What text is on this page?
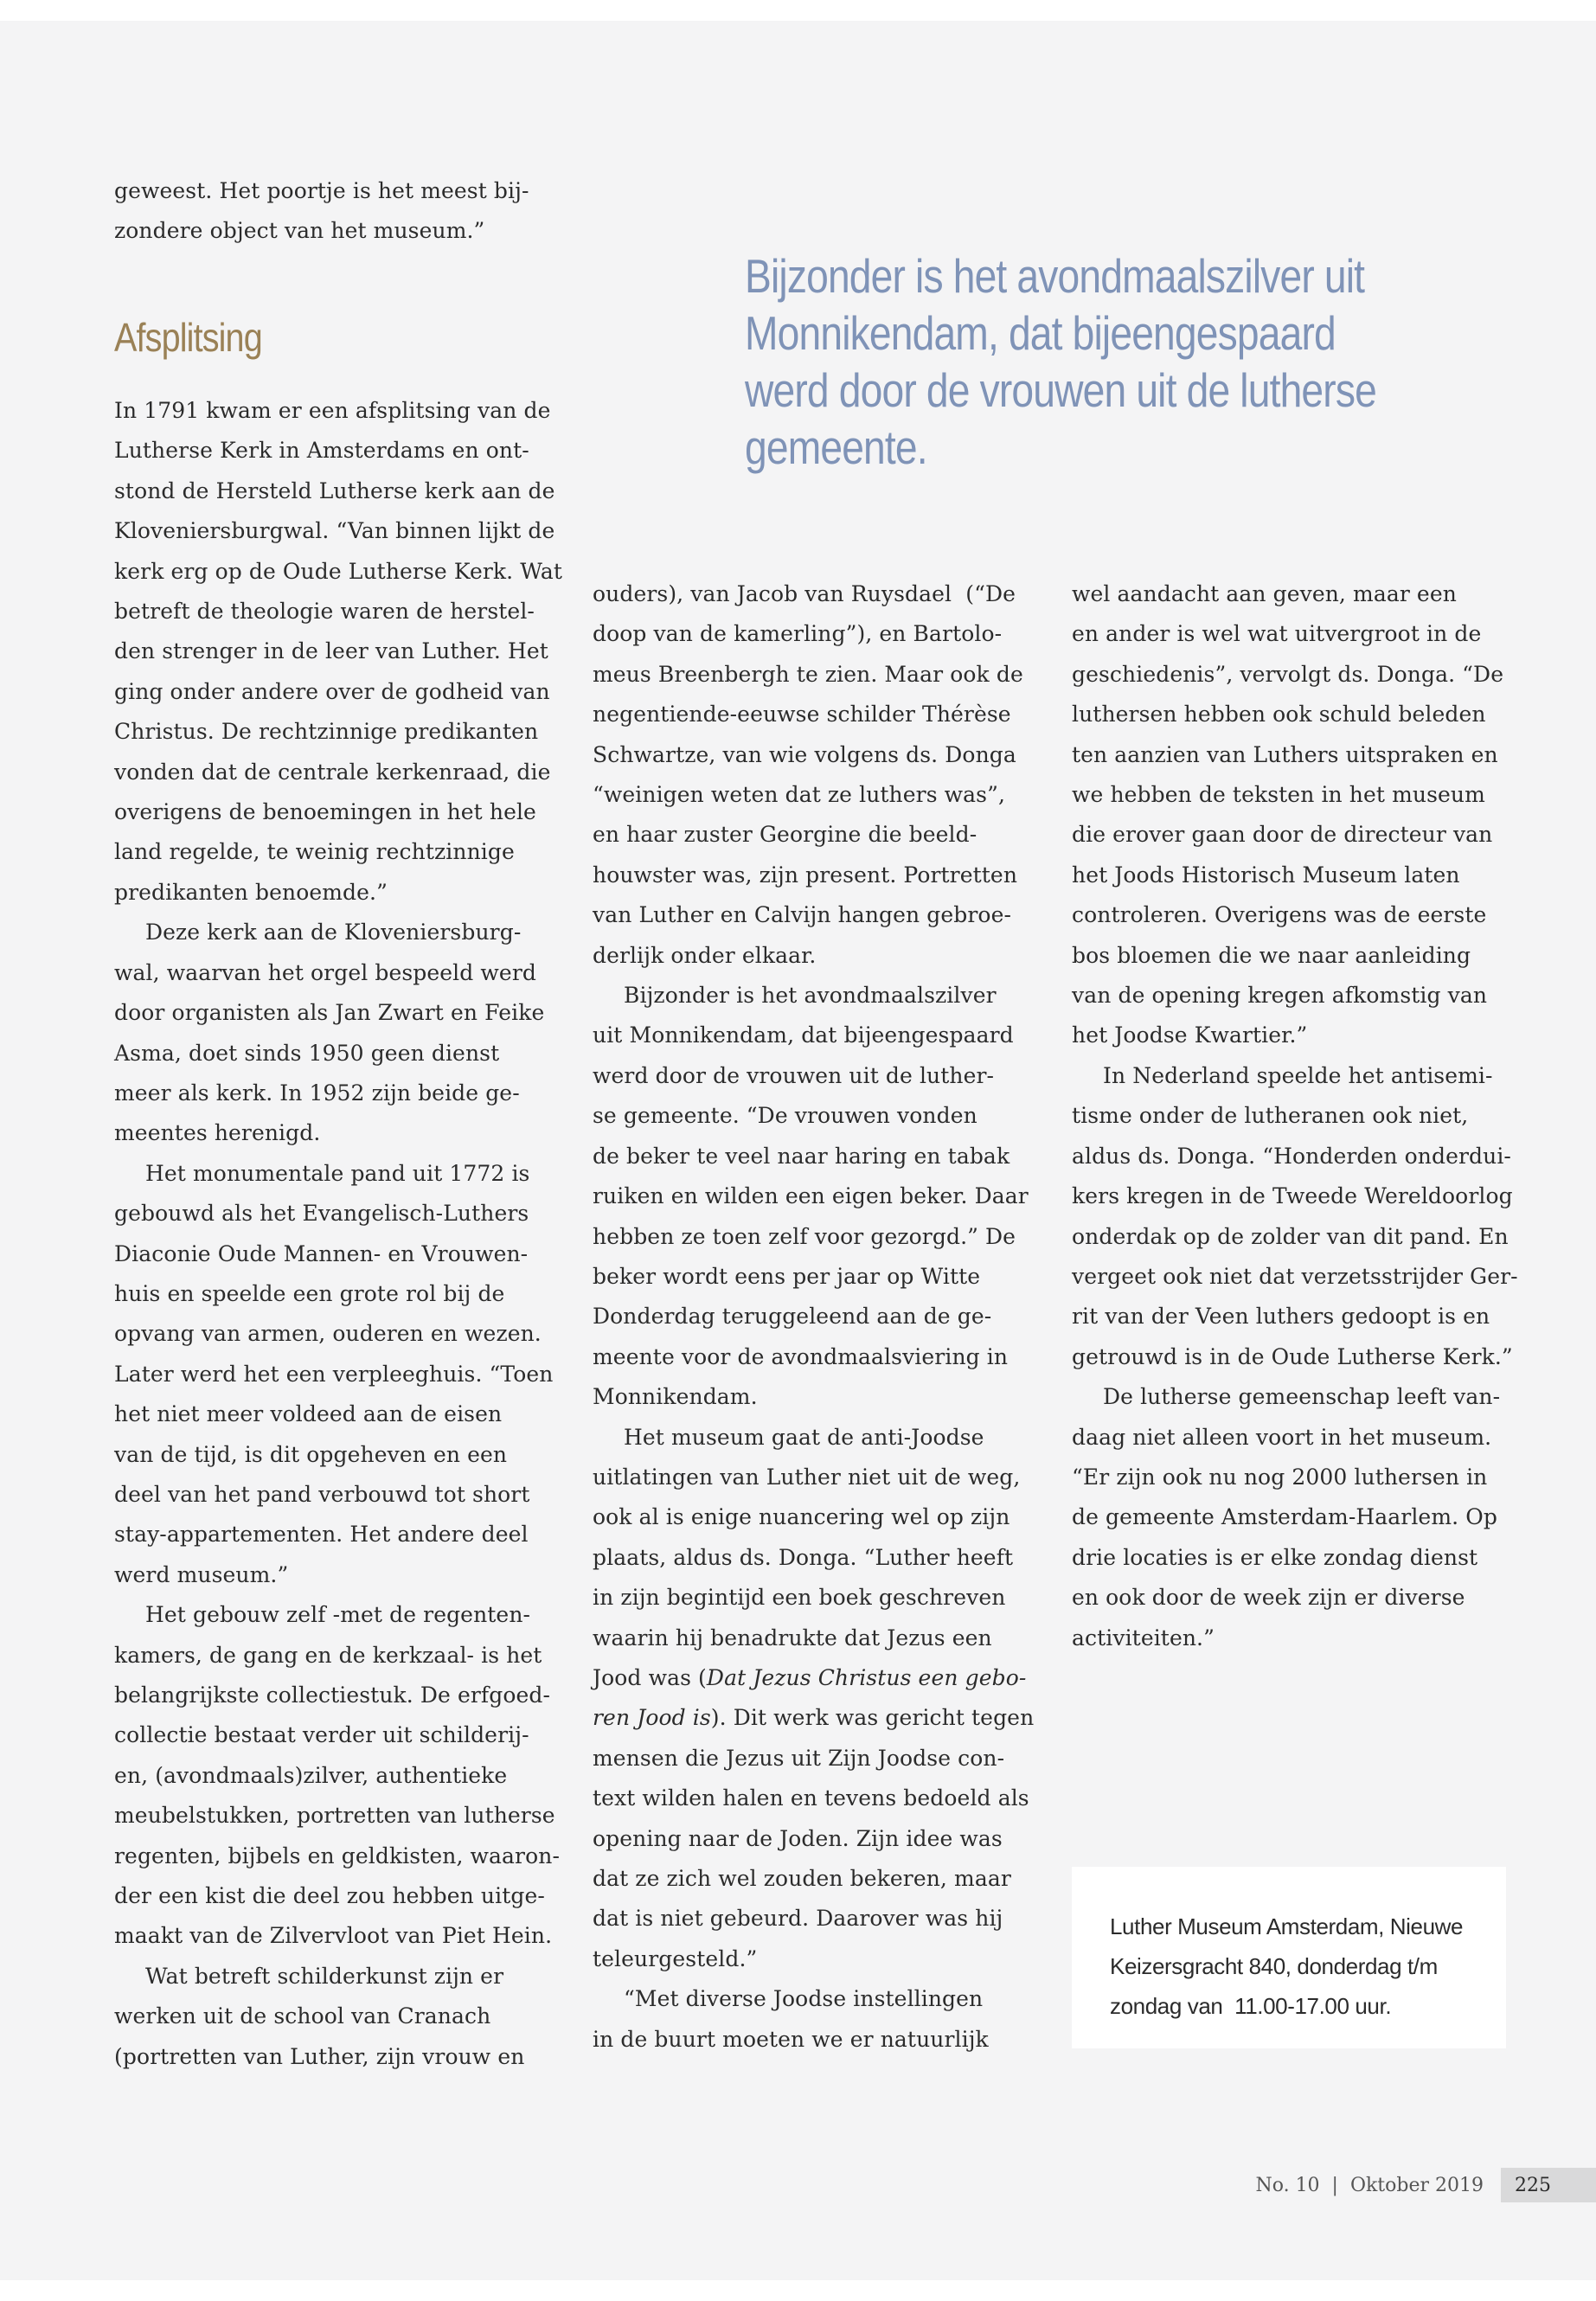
geweest. Het poortje is het meest bij-

zondere object van het museum.”

Afsplitsing
Bijzonder is het avondmaalszilver uit
Monnikendam, dat bijeengespaard
werd door de vrouwen uit de lutherse
gemeente.

In 1791 kwam er een afsplitsing van de

Lutherse Kerk in Amsterdams en ont-

stond de Hersteld Lutherse kerk aan de

Kloveniersburgwal. “Van binnen lijkt de

kerk erg op de Oude Lutherse Kerk. Wat

betreft de theologie waren de herstel-

den strenger in de leer van Luther. Het

ging onder andere over de godheid van

Christus. De rechtzinnige predikanten

vonden dat de centrale kerkenraad, die

overigens de benoemingen in het hele

land regelde, te weinig rechtzinnige

predikanten benoemde.”

Deze kerk aan de Kloveniersburg-

wal, waarvan het orgel bespeeld werd

door organisten als Jan Zwart en Feike

Asma, doet sinds 1950 geen dienst

meer als kerk. In 1952 zijn beide ge-

meentes herenigd.

Het monumentale pand uit 1772 is

gebouwd als het Evangelisch-Luthers

Diaconie Oude Mannen- en Vrouwen-

huis en speelde een grote rol bij de

opvang van armen, ouderen en wezen.

Later werd het een verpleeghuis. “Toen

het niet meer voldeed aan de eisen

van de tijd, is dit opgeheven en een

deel van het pand verbouwd tot short

stay-appartementen. Het andere deel

werd museum.”

Het gebouw zelf -met de regenten-

kamers, de gang en de kerkzaal- is het

belangrijkste collectiestuk. De erfgoed-

collectie bestaat verder uit schilderij-

en, (avondmaals)zilver, authentieke

meubelstukken, portretten van lutherse

regenten, bijbels en geldkisten, waaron-

der een kist die deel zou hebben uitge-

maakt van de Zilvervloot van Piet Hein.

Wat betreft schilderkunst zijn er

werken uit de school van Cranach

(portretten van Luther, zijn vrouw en

ouders), van Jacob van Ruysdael  (“De

doop van de kamerling”), en Bartolo-

meus Breenbergh te zien. Maar ook de

negentiende-eeuwse schilder Thérèse

Schwartze, van wie volgens ds. Donga

“weinigen weten dat ze luthers was”,

en haar zuster Georgine die beeld-

houwster was, zijn present. Portretten

van Luther en Calvijn hangen gebroe-

derlijk onder elkaar.

Bijzonder is het avondmaalszilver

uit Monnikendam, dat bijeengespaard

werd door de vrouwen uit de luther-

se gemeente. “De vrouwen vonden

de beker te veel naar haring en tabak

ruiken en wilden een eigen beker. Daar

hebben ze toen zelf voor gezorgd.” De

beker wordt eens per jaar op Witte

Donderdag teruggeleend aan de ge-

meente voor de avondmaalsviering in

Monnikendam.

Het museum gaat de anti-Joodse

uitlatingen van Luther niet uit de weg,

ook al is enige nuancering wel op zijn

plaats, aldus ds. Donga. “Luther heeft

in zijn begintijd een boek geschreven

waarin hij benadrukte dat Jezus een

Jood was (Dat Jezus Christus een gebo-

ren Jood is). Dit werk was gericht tegen

mensen die Jezus uit Zijn Joodse con-

text wilden halen en tevens bedoeld als

opening naar de Joden. Zijn idee was

dat ze zich wel zouden bekeren, maar

dat is niet gebeurd. Daarover was hij

teleurgesteld.”

“Met diverse Joodse instellingen

in de buurt moeten we er natuurlijk

wel aandacht aan geven, maar een

en ander is wel wat uitvergroot in de

geschiedenis”, vervolgt ds. Donga. “De

luthersen hebben ook schuld beleden

ten aanzien van Luthers uitspraken en

we hebben de teksten in het museum

die erover gaan door de directeur van

het Joods Historisch Museum laten

controleren. Overigens was de eerste

bos bloemen die we naar aanleiding

van de opening kregen afkomstig van

het Joodse Kwartier.”

In Nederland speelde het antisemi-

tisme onder de lutheranen ook niet,

aldus ds. Donga. “Honderden onderdui-

kers kregen in de Tweede Wereldoorlog

onderdak op de zolder van dit pand. En

vergeet ook niet dat verzetsstrijder Ger-

rit van der Veen luthers gedoopt is en

getrouwd is in de Oude Lutherse Kerk.”

De lutherse gemeenschap leeft van-

daag niet alleen voort in het museum.

“Er zijn ook nu nog 2000 luthersen in

de gemeente Amsterdam-Haarlem. Op

drie locaties is er elke zondag dienst

en ook door de week zijn er diverse

activiteiten.”

Luther Museum Amsterdam, Nieuwe
Keizersgracht 840, donderdag t/m
zondag van  11.00-17.00 uur.
No. 10  |  Oktober 2019	225
